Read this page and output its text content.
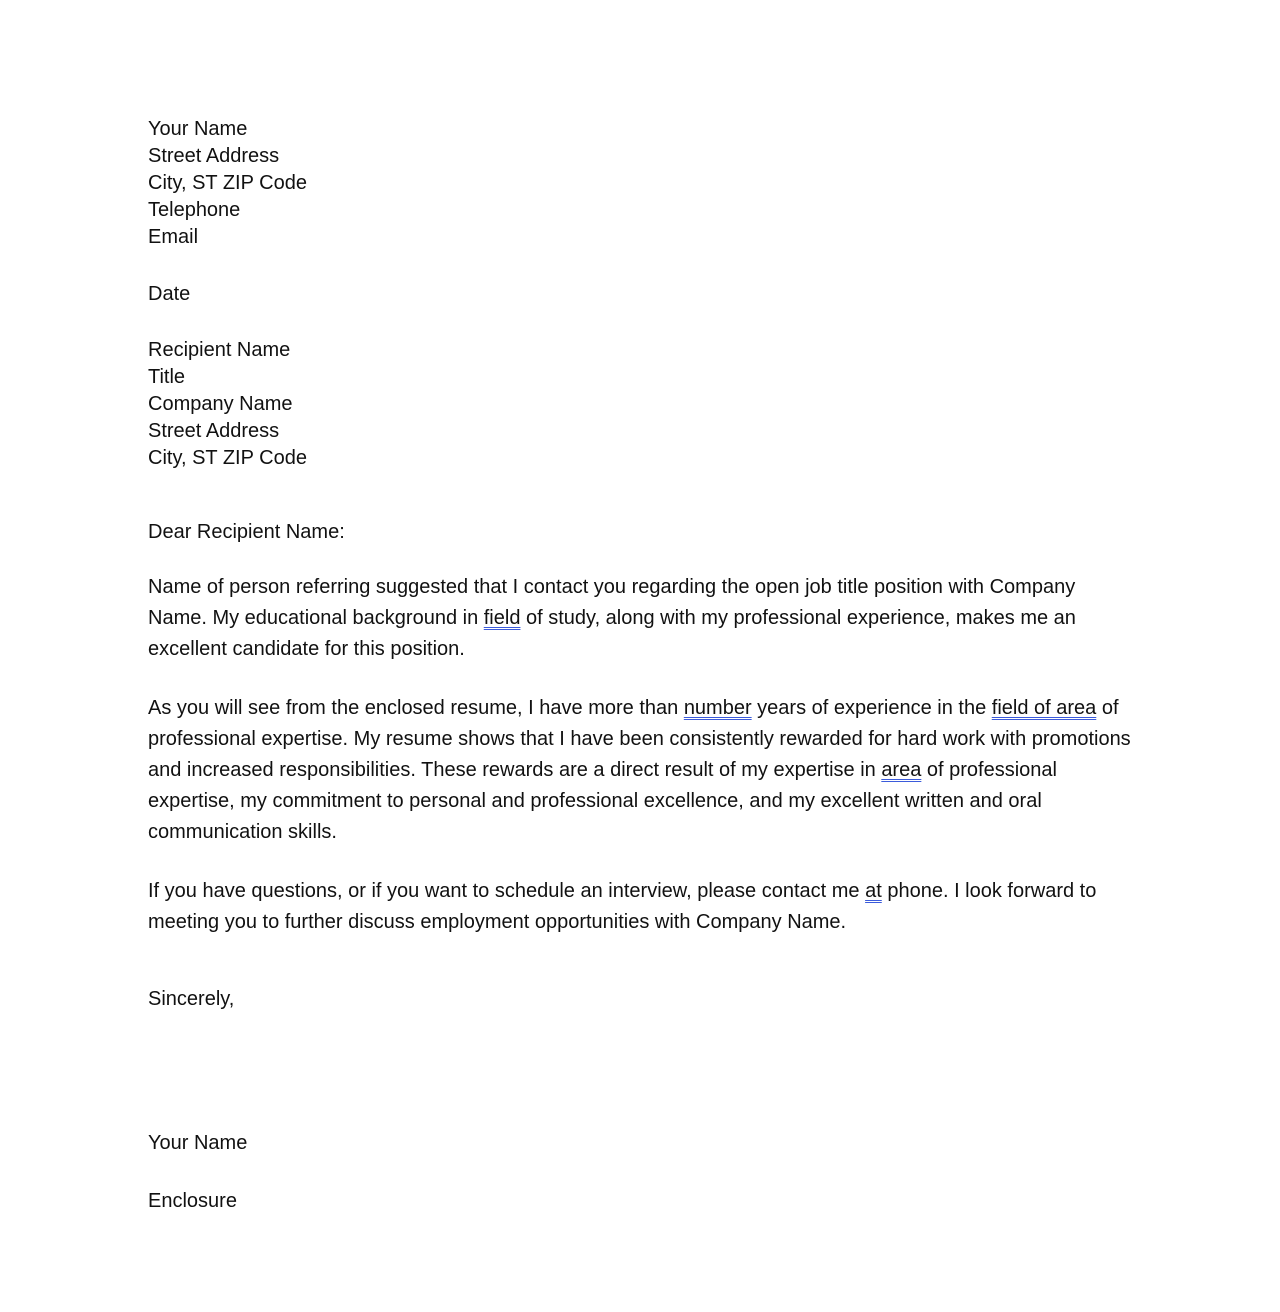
Your Name

Street Address

City, ST ZIP Code

Telephone

Email

Date

Recipient Name

Title

Company Name

Street Address

City, ST ZIP Code

Dear Recipient Name:

Name of person referring suggested that I contact you regarding the open job title position with Company Name. My educational background in field of study, along with my professional experience, makes me an excellent candidate for this position.

As you will see from the enclosed resume, I have more than number years of experience in the field of area of professional expertise. My resume shows that I have been consistently rewarded for hard work with promotions and increased responsibilities. These rewards are a direct result of my expertise in area of professional expertise, my commitment to personal and professional excellence, and my excellent written and oral communication skills.

If you have questions, or if you want to schedule an interview, please contact me at phone. I look forward to meeting you to further discuss employment opportunities with Company Name.

Sincerely,

Your Name

Enclosure
